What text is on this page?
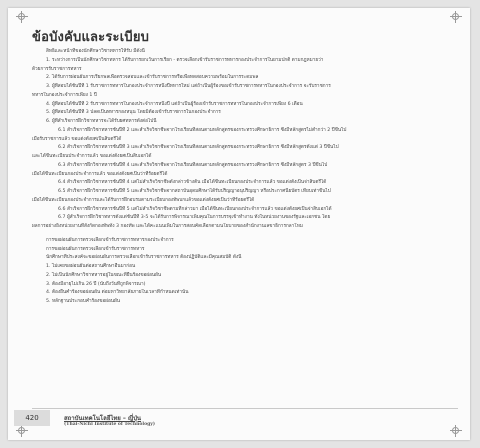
ข้อบังคับและระเบียบ

สิทธิและหน้าที่ของนักศึกษาวิชาทหารให้รับ มีดังนี้

1. ระหว่างการเป็นนักศึกษาวิชาทหาร ได้รับการยกเว้นการเรียก - ตรวจเลือกเข้ารับราชการทหารกองประจำการในยามปกติ ตามกฎหมายว่า

ด้วยการรับราชการทหาร

2. ได้รับการผ่อนผันการเรียกพลเพื่อตรวจสอบและเข้ารับราชการหรือเพื่อทดสอบความพร้อมในการระดมพล

3. ผู้ที่สอบได้ชั้นปีที่ 1 รับราชการทหารในกองประจำการหนึ่งปีทหารใหม่ แต่ถ้าเป็นผู้ร้องขอเข้ารับราชการทหารในกองประจำการ จะรับราชการ

ทหารในกองประจำการเพียง 1 ปี

4. ผู้ที่สอบได้ชั้นปีที่ 2 รับราชการทหารในกองประจำการหนึ่งปี แต่ถ้าเป็นผู้ร้องเข้ารับราชการทหารในกองประจำการเพียง 6 เดือน

5. ผู้ที่สอบได้ชั้นปีที่ 3 ปลดเป็นทหารกองหนุน โดยมิต้องเข้ารับราชการในกองประจำการ

6. ผู้ที่สำเร็จการฝึกวิชาทหารจะได้รับยศทหารดังต่อไปนี้

6.1 สำเร็จการฝึกวิชาทหารชั้นปีที่ 2 และสำเร็จวิชาชีพจากโรงเรียนที่สอนตามหลักสูตรของกระทรวงศึกษาธิการ ซึ่งมีหลักสูตรไม่ต่ำกว่า 2 ปีขึ้นไป

เมื่อรับราชการแล้ว ขอแต่งตั้งยศเป็นสิบตรีได้

6.2 สำเร็จการฝึกวิชาทหารชั้นปีที่ 3 และสำเร็จวิชาชีพจากโรงเรียนที่สอนตามหลักสูตรของกระทรวงศึกษาธิการ ซึ่งมีหลักสูตรตั้งแต่ 3 ปีขึ้นไป

และได้ขึ้นทะเบียนประจำการแล้ว ขอแต่งตั้งยศเป็นสิบเอกได้

6.3 สำเร็จการฝึกวิชาทหารชั้นปีที่ 4 และสำเร็จวิชาชีพจากโรงเรียนที่สอนตามหลักสูตรของกระทรวงศึกษาธิการ ซึ่งมีหลักสูตร 3 ปีขึ้นไป

เมื่อได้ขึ้นทะเบียนกองประจำการแล้ว ขอแต่งตั้งยศเป็นว่าที่ร้อยตรีได้

6.4 สำเร็จการฝึกวิชาทหารชั้นปีที่ 4 แต่ไม่สำเร็จวิชาชีพดังกล่าวข้างต้น เมื่อได้ขึ้นทะเบียนกองประจำการแล้ว ขอแต่งตั้งเป็นจ่าสิบตรีได้

6.5 สำเร็จการฝึกวิชาทหารชั้นปีที่ 5 และสำเร็จวิชาชีพจากสถาบันอุดมศึกษาได้รับปริญญาอนุปริญญา หรือประกาศนียบัตร เทียบเท่าขึ้นไป

เมื่อได้ขึ้นทะเบียนกองประจำการและได้รับการฝึกอบรมตามระเบียบกองทัพบกแล้วขอแต่งตั้งยศเป็นว่าที่ร้อยตรีได้

6.6 สำเร็จการฝึกวิชาทหารชั้นปีที่ 5 แต่ไม่สำเร็จวิชาชีพตามที่กล่าวมา เมื่อได้ขึ้นทะเบียนกองประจำการแล้ว ขอแต่งตั้งยศเป็นจ่าสิบเอกได้

6.7 ผู้สำเร็จการฝึกวิชาทหารตั้งแต่ชั้นปีที่ 3-5 จะได้รับการพิจารณาเพิ่มคุณในการบรรจุเข้าทำงาน ทั้งในหน่วยงานของรัฐและเอกชน โดย

ผลการอย่างยิ่งหน่วยงานที่สังกัดกองทัพทั้ง 3 กองทัพ และได้คะแนนเพิ่มในการสอบคัดเลือกตามนโยบายของสำนักงานเลขาธิการกลาโหม

การขอผ่อนผันการตรวจเลือกเข้ารับราชการทหารกองประจำการ

การขอผ่อนผันการตรวจเลือกเข้ารับราชการทหาร

นักศึกษาที่ประสงค์จะขอผ่อนผันการตรวจเลือกเข้ารับราชการทหาร ต้องปฏิบัติและมีคุณสมบัติ ดังนี้

1. ไม่เคยขอผ่อนผันต่อสถานศึกษาอื่นมาก่อน

2. ไม่เป็นนักศึกษาวิชาทหารอยู่ในขณะที่ยื่นร้องขอผ่อนผัน

3. ต้องมีอายุไม่เกิน 26 ปี (นับถึงวันที่ถูกพิจารณา)

4. ต้องยื่นคำร้องขอผ่อนผัน ต่อมหาวิทยาลัยภายในเวลาที่กำหนดเท่านั้น

5. หลักฐานประกอบคำร้องขอผ่อนผัน

420	สถาบันเทคโนโลยีไทย – ญี่ปุ่น
(Thai-Nichi Institute of Technology)
